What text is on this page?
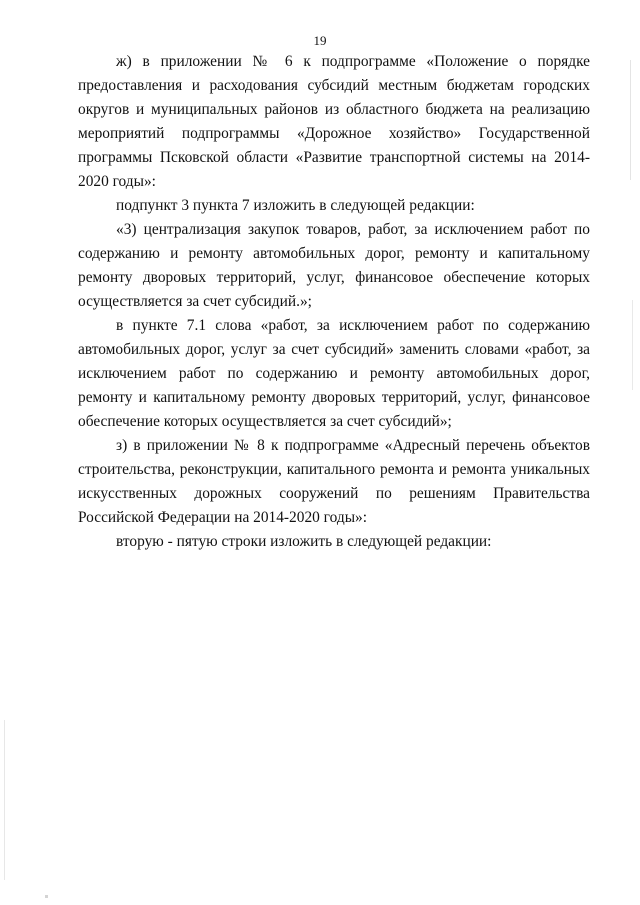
19

ж) в приложении № 6 к подпрограмме «Положение о порядке предоставления и расходования субсидий местным бюджетам городских округов и муниципальных районов из областного бюджета на реализацию мероприятий подпрограммы «Дорожное хозяйство» Государственной программы Псковской области «Развитие транспортной системы на 2014-2020 годы»:

подпункт 3 пункта 7 изложить в следующей редакции:

«3) централизация закупок товаров, работ, за исключением работ по содержанию и ремонту автомобильных дорог, ремонту и капитальному ремонту дворовых территорий, услуг, финансовое обеспечение которых осуществляется за счет субсидий.»;

в пункте 7.1 слова «работ, за исключением работ по содержанию автомобильных дорог, услуг за счет субсидий» заменить словами «работ, за исключением работ по содержанию и ремонту автомобильных дорог, ремонту и капитальному ремонту дворовых территорий, услуг, финансовое обеспечение которых осуществляется за счет субсидий»;

з) в приложении № 8 к подпрограмме «Адресный перечень объектов строительства, реконструкции, капитального ремонта и ремонта уникальных искусственных дорожных сооружений по решениям Правительства Российской Федерации на 2014-2020 годы»:

вторую - пятую строки изложить в следующей редакции:
